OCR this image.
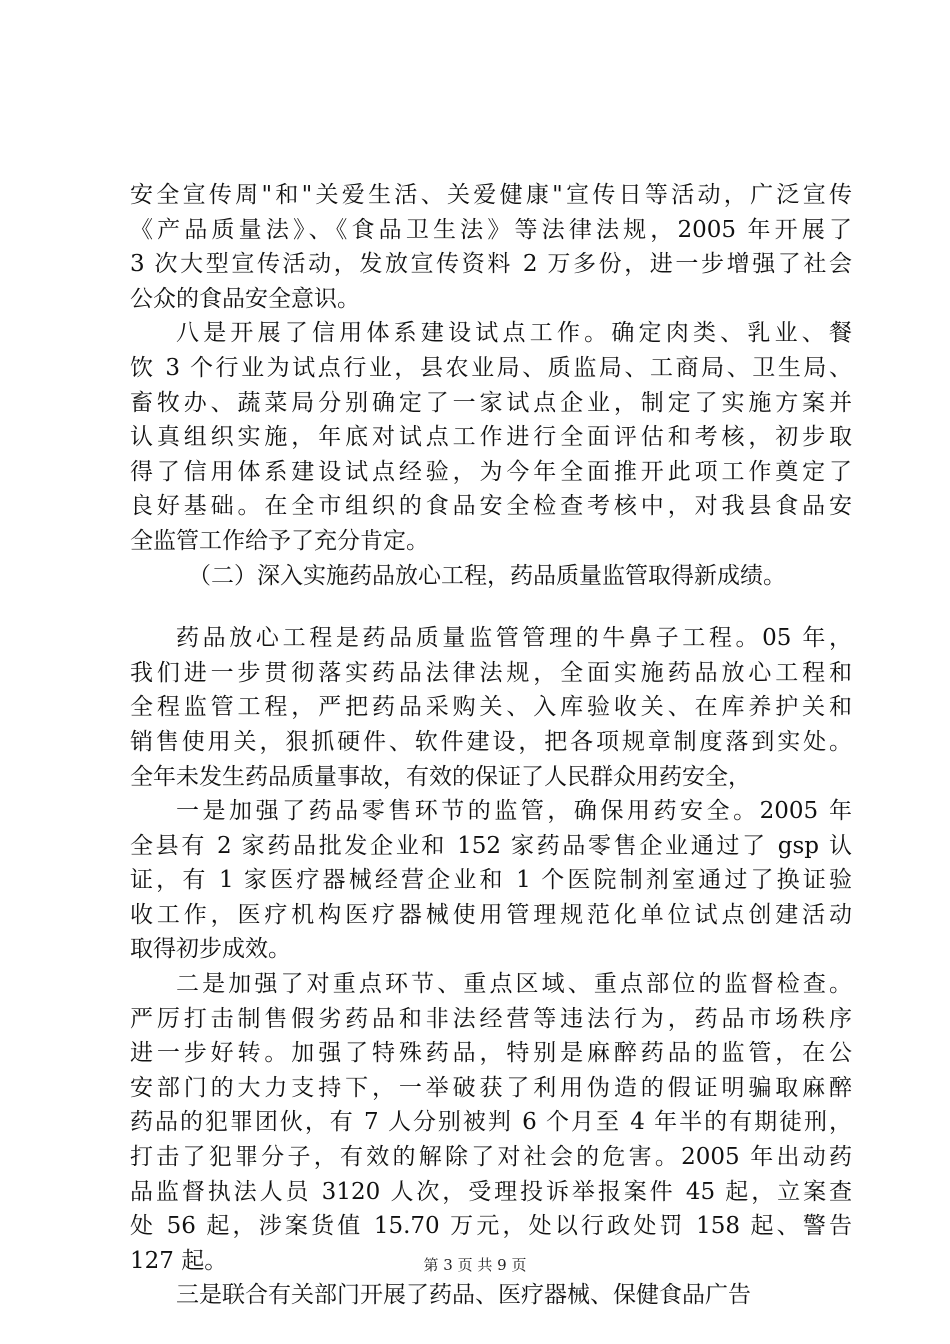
安全宣传周"和"关爱生活、关爱健康"宣传日等活动，广泛宣传
《产品质量法》、《食品卫生法》等法律法规，2005 年开展了
3 次大型宣传活动，发放宣传资料 2 万多份，进一步增强了社会
公众的食品安全意识。
八是开展了信用体系建设试点工作。确定肉类、乳业、餐
饮 3 个行业为试点行业，县农业局、质监局、工商局、卫生局、
畜牧办、蔬菜局分别确定了一家试点企业，制定了实施方案并
认真组织实施，年底对试点工作进行全面评估和考核，初步取
得了信用体系建设试点经验，为今年全面推开此项工作奠定了
良好基础。在全市组织的食品安全检查考核中，对我县食品安
全监管工作给予了充分肯定。
（二）深入实施药品放心工程，药品质量监管取得新成绩。
药品放心工程是药品质量监管管理的牛鼻子工程。05 年，
我们进一步贯彻落实药品法律法规，全面实施药品放心工程和
全程监管工程，严把药品采购关、入库验收关、在库养护关和
销售使用关，狠抓硬件、软件建设，把各项规章制度落到实处。
全年未发生药品质量事故，有效的保证了人民群众用药安全，
一是加强了药品零售环节的监管，确保用药安全。2005 年
全县有 2 家药品批发企业和 152 家药品零售企业通过了 gsp 认
证，有 1 家医疗器械经营企业和 1 个医院制剂室通过了换证验
收工作，医疗机构医疗器械使用管理规范化单位试点创建活动
取得初步成效。
二是加强了对重点环节、重点区域、重点部位的监督检查。
严厉打击制售假劣药品和非法经营等违法行为，药品市场秩序
进一步好转。加强了特殊药品，特别是麻醉药品的监管，在公
安部门的大力支持下，一举破获了利用伪造的假证明骗取麻醉
药品的犯罪团伙，有 7 人分别被判 6 个月至 4 年半的有期徒刑，
打击了犯罪分子，有效的解除了对社会的危害。2005 年出动药
品监督执法人员 3120 人次，受理投诉举报案件 45 起，立案查
处 56 起，涉案货值 15.70 万元，处以行政处罚 158 起、警告
127 起。
三是联合有关部门开展了药品、医疗器械、保健食品广告
第 3 页 共 9 页
